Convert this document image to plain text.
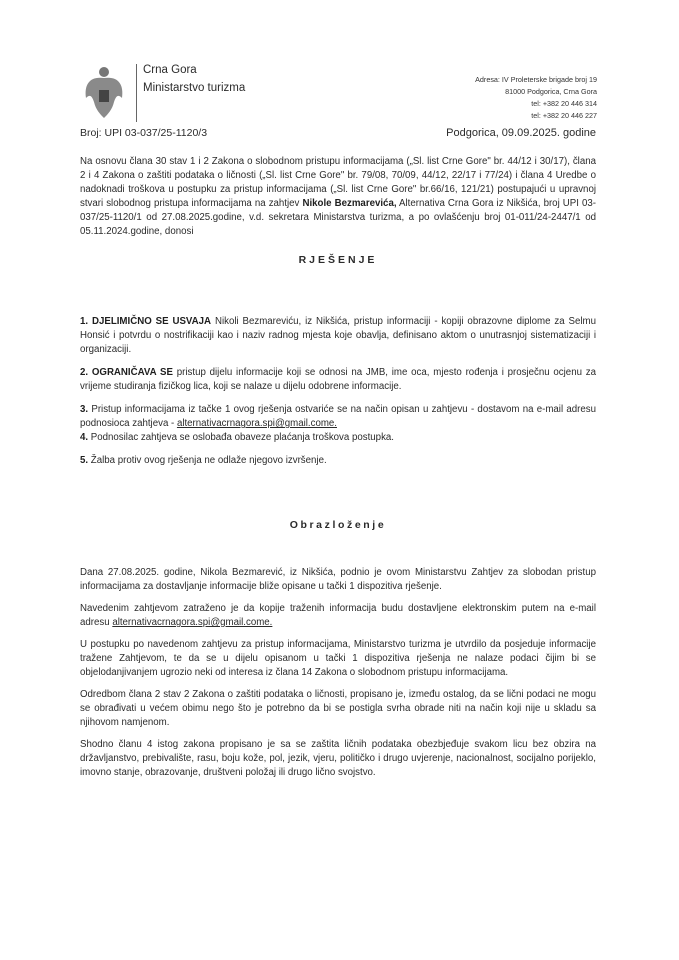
Crna Gora
Ministarstvo turizma
Adresa: IV Proleterske brigade broj 19
81000 Podgorica, Crna Gora
tel: +382 20 446 314
tel: +382 20 446 227
Broj: UPI 03-037/25-1120/3	Podgorica, 09.09.2025. godine

Na osnovu člana 30 stav 1 i 2 Zakona o slobodnom pristupu informacijama („Sl. list Crne Gore" br. 44/12 i 30/17), člana 2 i 4 Zakona o zaštiti podataka o ličnosti („Sl. list Crne Gore" br. 79/08, 70/09, 44/12, 22/17 i 77/24) i člana 4 Uredbe o nadoknadi troškova u postupku za pristup informacijama („Sl. list Crne Gore" br.66/16, 121/21) postupajući u upravnoj stvari slobodnog pristupa informacijama na zahtjev Nikole Bezmarevića, Alternativa Crna Gora iz Nikšića, broj UPI 03-037/25-1120/1 od 27.08.2025.godine, v.d. sekretara Ministarstva turizma, a po ovlašćenju broj 01-011/24-2447/1 od 05.11.2024.godine, donosi

RJEŠENJE

1. DJELIMIČNO SE USVAJA Nikoli Bezmareviću, iz Nikšića, pristup informaciji - kopiji obrazovne diplome za Selmu Honsić i potvrdu o nostrifikaciji kao i naziv radnog mjesta koje obavlja, definisano aktom o unutrasnjoj sistematizaciji i organizaciji.

2. OGRANIČAVA SE pristup dijelu informacije koji se odnosi na JMB, ime oca, mjesto rođenja i prosječnu ocjenu za vrijeme studiranja fizičkog lica, koji se nalaze u dijelu odobrene informacije.

3. Pristup informacijama iz tačke 1 ovog rješenja ostvariće se na način opisan u zahtjevu - dostavom na e-mail adresu podnosioca zahtjeva - alternativacrnagora.spi@gmail.come.

4. Podnosilac zahtjeva se oslobađa obaveze plaćanja troškova postupka.

5. Žalba protiv ovog rješenja ne odlaže njegovo izvršenje.

Obrazloženje

Dana 27.08.2025. godine, Nikola Bezmarević, iz Nikšića, podnio je ovom Ministarstvu Zahtjev za slobodan pristup informacijama za dostavljanje informacije bliže opisane u tački 1 dispozitiva rješenje.

Navedenim zahtjevom zatraženo je da kopije traženih informacija budu dostavljene elektronskim putem na e-mail adresu alternativacrnagora.spi@gmail.come.

U postupku po navedenom zahtjevu za pristup informacijama, Ministarstvo turizma je utvrdilo da posjeduje informacije tražene Zahtjevom, te da se u dijelu opisanom u tački 1 dispozitiva rješenja ne nalaze podaci čijim bi se objelodanjivanjem ugrozio neki od interesa iz člana 14 Zakona o slobodnom pristupu informacijama.

Odredbom člana 2 stav 2 Zakona o zaštiti podataka o ličnosti, propisano je, između ostalog, da se lični podaci ne mogu se obrađivati u većem obimu nego što je potrebno da bi se postigla svrha obrade niti na način koji nije u skladu sa njihovom namjenom.

Shodno članu 4 istog zakona propisano je sa se zaštita ličnih podataka obezbjeđuje svakom licu bez obzira na državljanstvo, prebivalište, rasu, boju kože, pol, jezik, vjeru, političko i drugo uvjerenje, nacionalnost, socijalno porijeklo, imovno stanje, obrazovanje, društveni položaj ili drugo lično svojstvo.
